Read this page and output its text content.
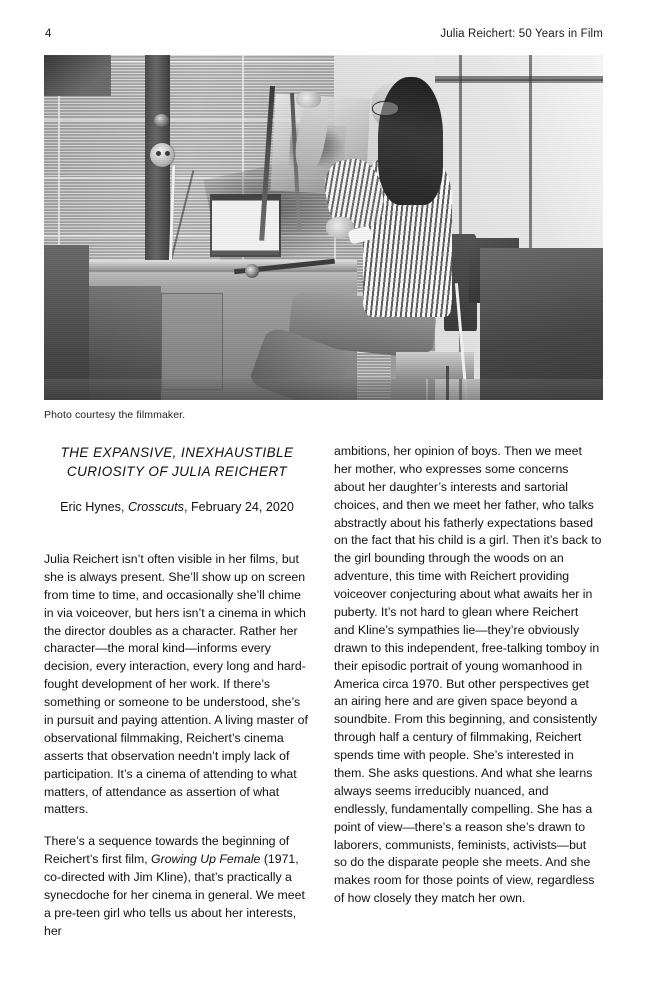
4	Julia Reichert: 50 Years in Film
Photo courtesy the filmmaker.
THE EXPANSIVE, INEXHAUSTIBLE CURIOSITY OF JULIA REICHERT

Eric Hynes, Crosscuts, February 24, 2020

Julia Reichert isn’t often visible in her films, but she is always present. She’ll show up on screen from time to time, and occasionally she’ll chime in via voiceover, but hers isn’t a cinema in which the director doubles as a character. Rather her character—the moral kind—informs every decision, every interaction, every long and hard-fought development of her work. If there’s something or someone to be understood, she’s in pursuit and paying attention. A living master of observational filmmaking, Reichert’s cinema asserts that observation needn’t imply lack of participation. It’s a cinema of attending to what matters, of attendance as assertion of what matters.

There’s a sequence towards the beginning of Reichert’s first film, Growing Up Female (1971, co-directed with Jim Kline), that’s practically a synecdoche for her cinema in general. We meet a pre-teen girl who tells us about her interests, her

ambitions, her opinion of boys. Then we meet her mother, who expresses some concerns about her daughter’s interests and sartorial choices, and then we meet her father, who talks abstractly about his fatherly expectations based on the fact that his child is a girl. Then it’s back to the girl bounding through the woods on an adventure, this time with Reichert providing voiceover conjecturing about what awaits her in puberty. It’s not hard to glean where Reichert and Kline’s sympathies lie—they’re obviously drawn to this independent, free-talking tomboy in their episodic portrait of young womanhood in America circa 1970. But other perspectives get an airing here and are given space beyond a soundbite. From this beginning, and consistently through half a century of filmmaking, Reichert spends time with people. She’s interested in them. She asks questions. And what she learns always seems irreducibly nuanced, and endlessly, fundamentally compelling. She has a point of view—there’s a reason she’s drawn to laborers, communists, feminists, activists—but so do the disparate people she meets. And she makes room for those points of view, regardless of how closely they match her own.
